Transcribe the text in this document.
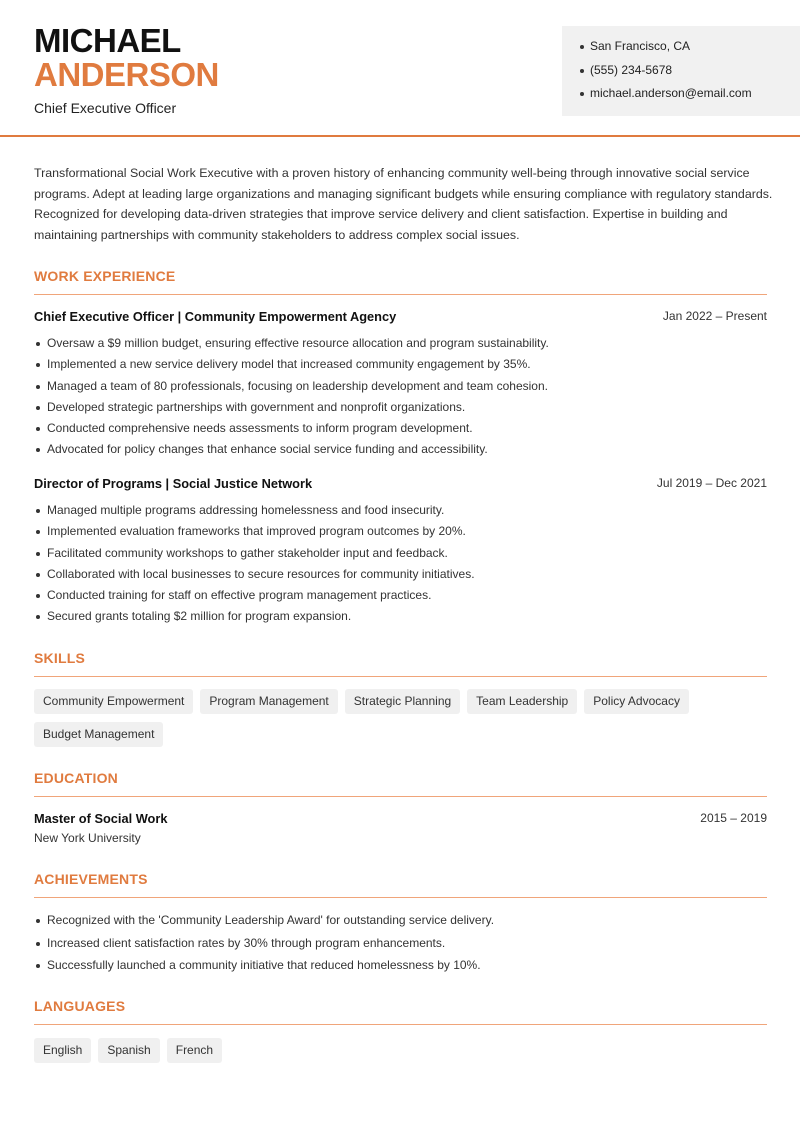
MICHAEL
ANDERSON
Chief Executive Officer
San Francisco, CA
(555) 234-5678
michael.anderson@email.com

Transformational Social Work Executive with a proven history of enhancing community well-being through innovative social service programs. Adept at leading large organizations and managing significant budgets while ensuring compliance with regulatory standards. Recognized for developing data-driven strategies that improve service delivery and client satisfaction. Expertise in building and maintaining partnerships with community stakeholders to address complex social issues.

WORK EXPERIENCE
Chief Executive Officer | Community Empowerment Agency	Jan 2022 – Present
Oversaw a $9 million budget, ensuring effective resource allocation and program sustainability.
Implemented a new service delivery model that increased community engagement by 35%.
Managed a team of 80 professionals, focusing on leadership development and team cohesion.
Developed strategic partnerships with government and nonprofit organizations.
Conducted comprehensive needs assessments to inform program development.
Advocated for policy changes that enhance social service funding and accessibility.
Director of Programs | Social Justice Network	Jul 2019 – Dec 2021
Managed multiple programs addressing homelessness and food insecurity.
Implemented evaluation frameworks that improved program outcomes by 20%.
Facilitated community workshops to gather stakeholder input and feedback.
Collaborated with local businesses to secure resources for community initiatives.
Conducted training for staff on effective program management practices.
Secured grants totaling $2 million for program expansion.
SKILLS
Community Empowerment	Program Management	Strategic Planning	Team Leadership	Policy Advocacy
Budget Management
EDUCATION
Master of Social Work	2015 – 2019
New York University
ACHIEVEMENTS
Recognized with the 'Community Leadership Award' for outstanding service delivery.
Increased client satisfaction rates by 30% through program enhancements.
Successfully launched a community initiative that reduced homelessness by 10%.
LANGUAGES
English	Spanish	French
